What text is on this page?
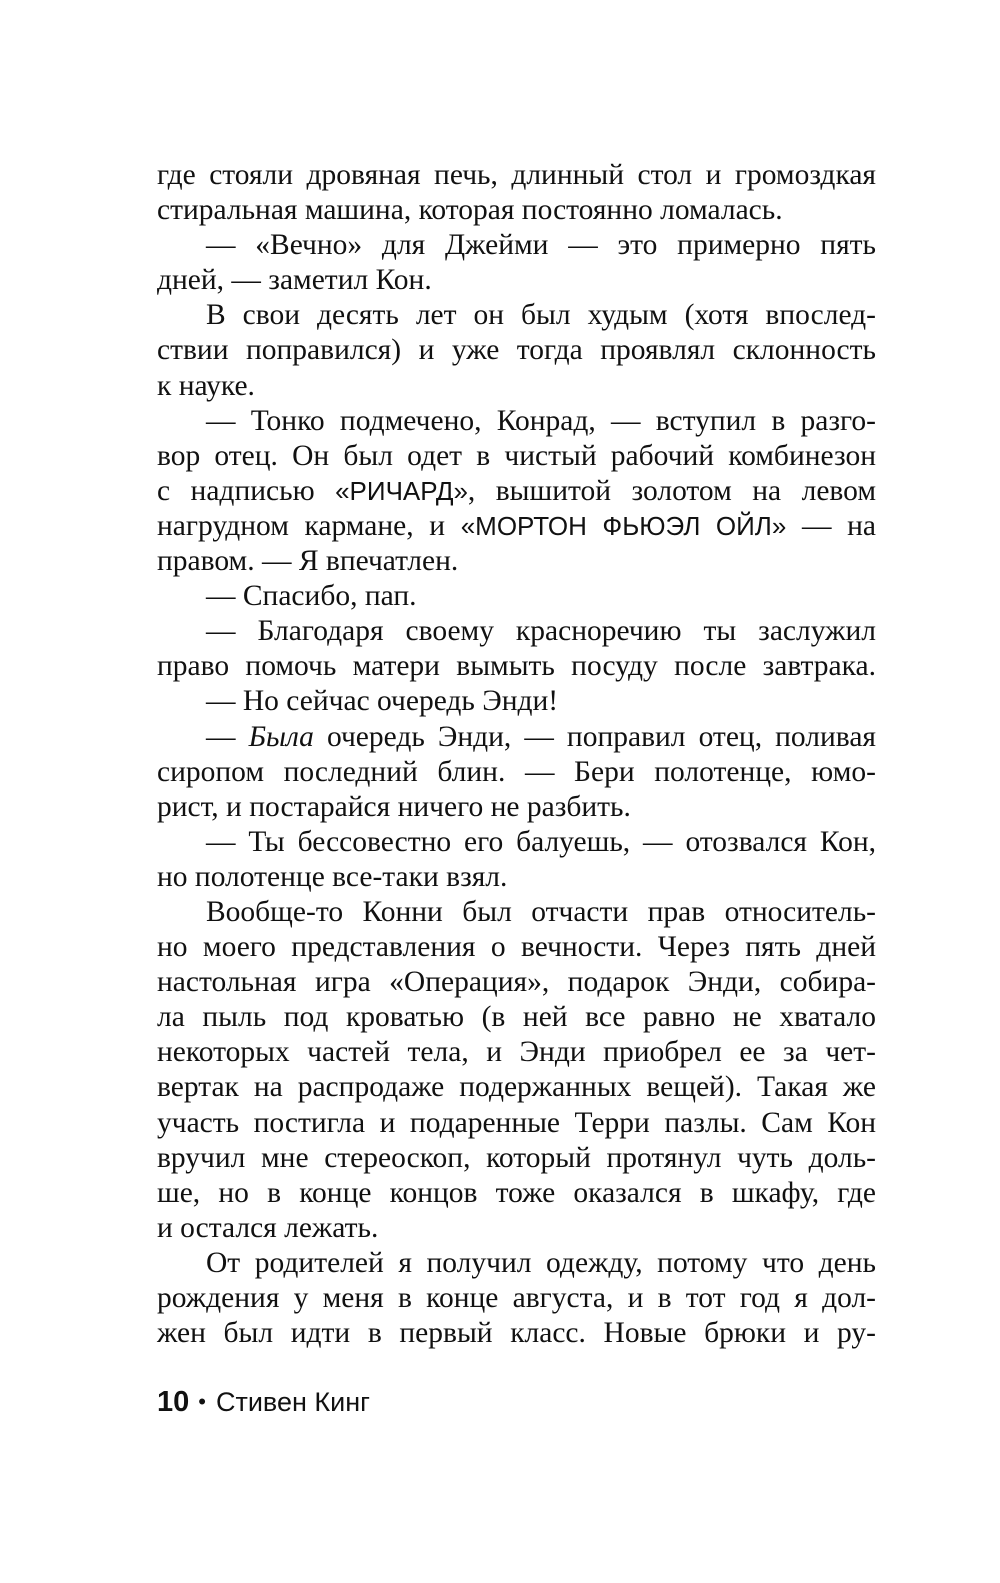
где стояли дровяная печь, длинный стол и громоздкая
стиральная машина, которая постоянно ломалась.
— «Вечно» для Джейми — это примерно пять
дней, — заметил Кон.
В свои десять лет он был худым (хотя впослед-
ствии поправился) и уже тогда проявлял склонность
к науке.
— Тонко подмечено, Конрад, — вступил в разго-
вор отец. Он был одет в чистый рабочий комбинезон
с надписью «РИЧАРД», вышитой золотом на левом
нагрудном кармане, и «МОРТОН ФЬЮЭЛ ОЙЛ» — на
правом. — Я впечатлен.
— Спасибо, пап.
— Благодаря своему красноречию ты заслужил
право помочь матери вымыть посуду после завтрака.
— Но сейчас очередь Энди!
— Была очередь Энди, — поправил отец, поливая
сиропом последний блин. — Бери полотенце, юмо-
рист, и постарайся ничего не разбить.
— Ты бессовестно его балуешь, — отозвался Кон,
но полотенце все-таки взял.
Вообще-то Конни был отчасти прав относитель-
но моего представления о вечности. Через пять дней
настольная игра «Операция», подарок Энди, собира-
ла пыль под кроватью (в ней все равно не хватало
некоторых частей тела, и Энди приобрел ее за чет-
вертак на распродаже подержанных вещей). Такая же
участь постигла и подаренные Терри пазлы. Сам Кон
вручил мне стереоскоп, который протянул чуть доль-
ше, но в конце концов тоже оказался в шкафу, где
и остался лежать.
От родителей я получил одежду, потому что день
рождения у меня в конце августа, и в тот год я дол-
жен был идти в первый класс. Новые брюки и ру-
10 • Стивен Кинг
